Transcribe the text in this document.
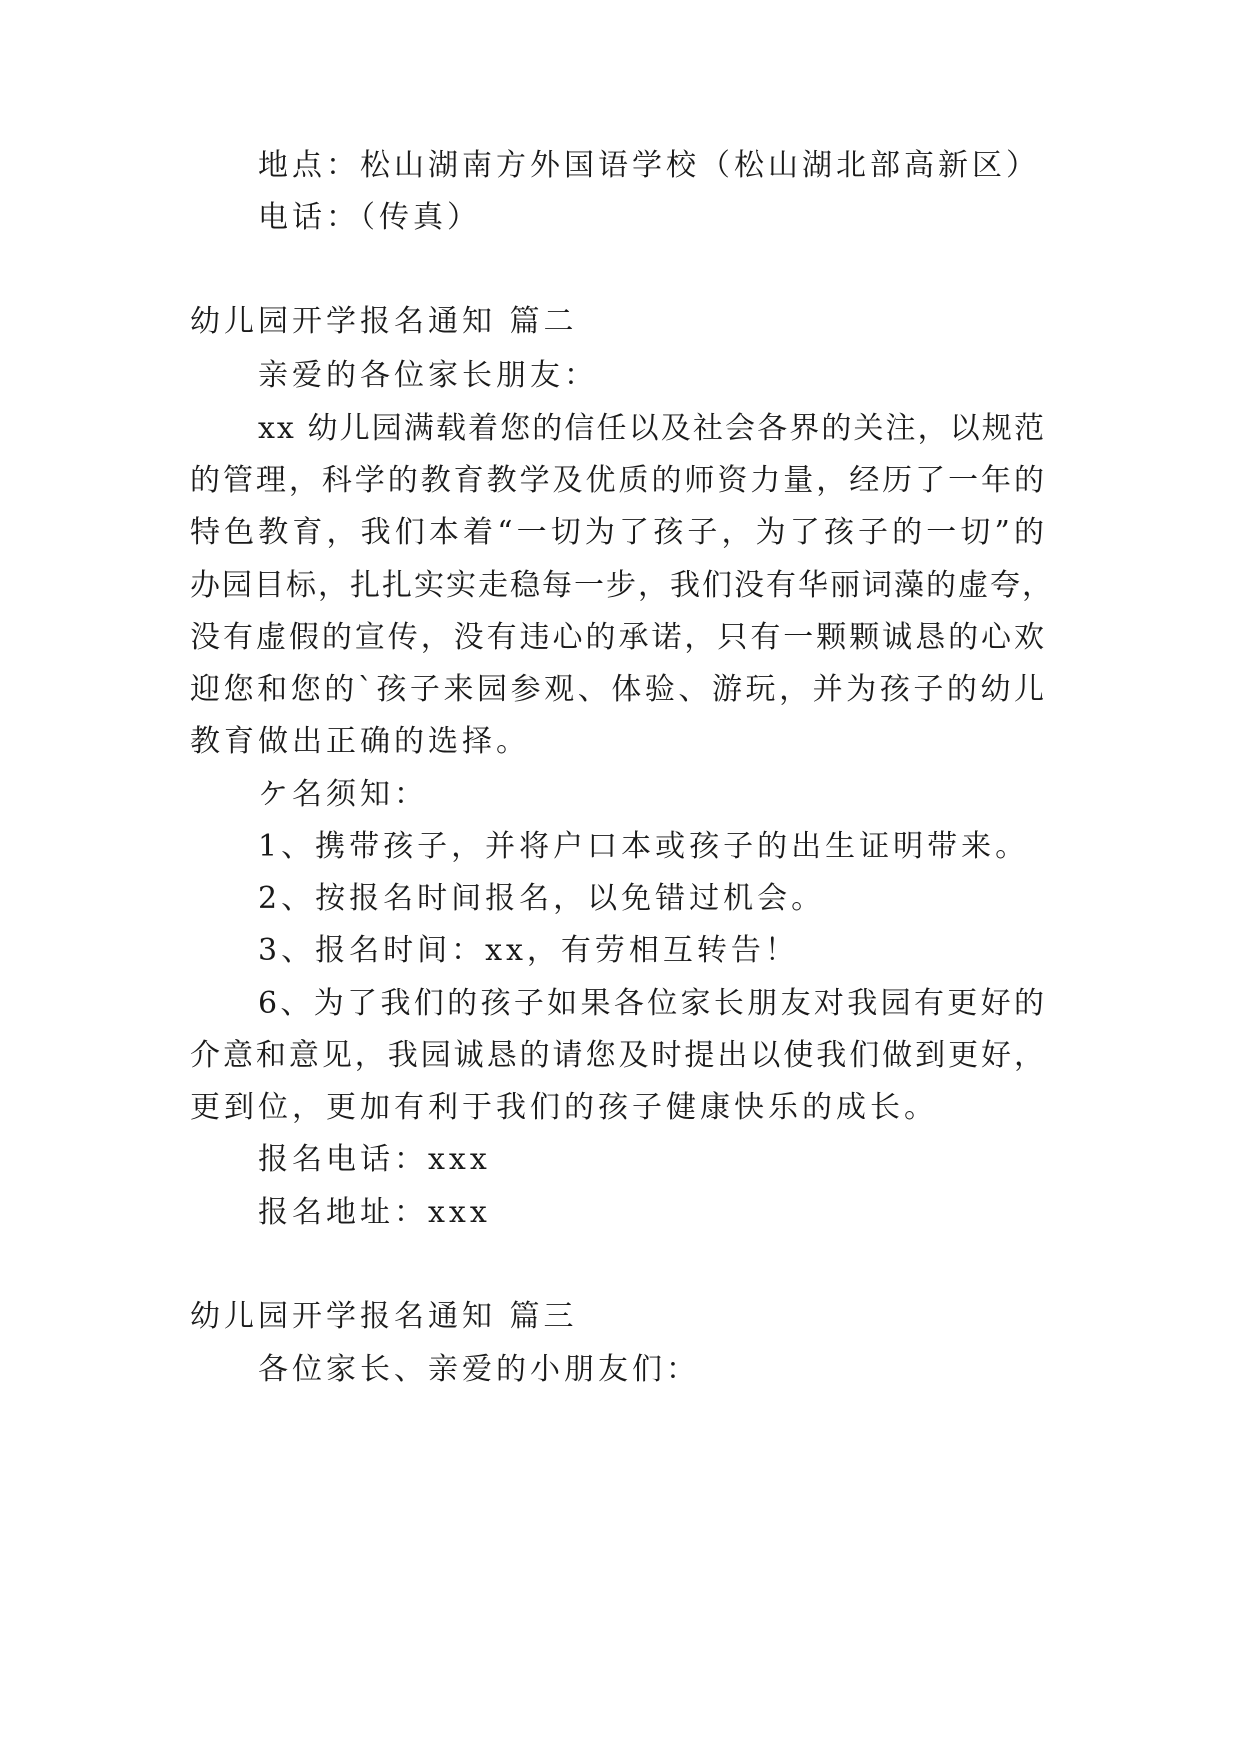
地点：松山湖南方外国语学校（松山湖北部高新区）
电话：（传真）
幼儿园开学报名通知 篇二
亲爱的各位家长朋友：
xx 幼儿园满载着您的信任以及社会各界的关注，以规范
的管理，科学的教育教学及优质的师资力量，经历了一年的
特色教育，我们本着“一切为了孩子，为了孩子的一切”的
办园目标，扎扎实实走稳每一步，我们没有华丽词藻的虚夸，
没有虚假的宣传，没有违心的承诺，只有一颗颗诚恳的心欢
迎您和您的`孩子来园参观、体验、游玩，并为孩子的幼儿
教育做出正确的选择。
ケ名须知：
1、携带孩子，并将户口本或孩子的出生证明带来。
2、按报名时间报名，以免错过机会。
3、报名时间：xx，有劳相互转告！
6、为了我们的孩子如果各位家长朋友对我园有更好的
介意和意见，我园诚恳的请您及时提出以使我们做到更好，
更到位，更加有利于我们的孩子健康快乐的成长。
报名电话：xxx
报名地址：xxx
幼儿园开学报名通知 篇三
各位家长、亲爱的小朋友们：
